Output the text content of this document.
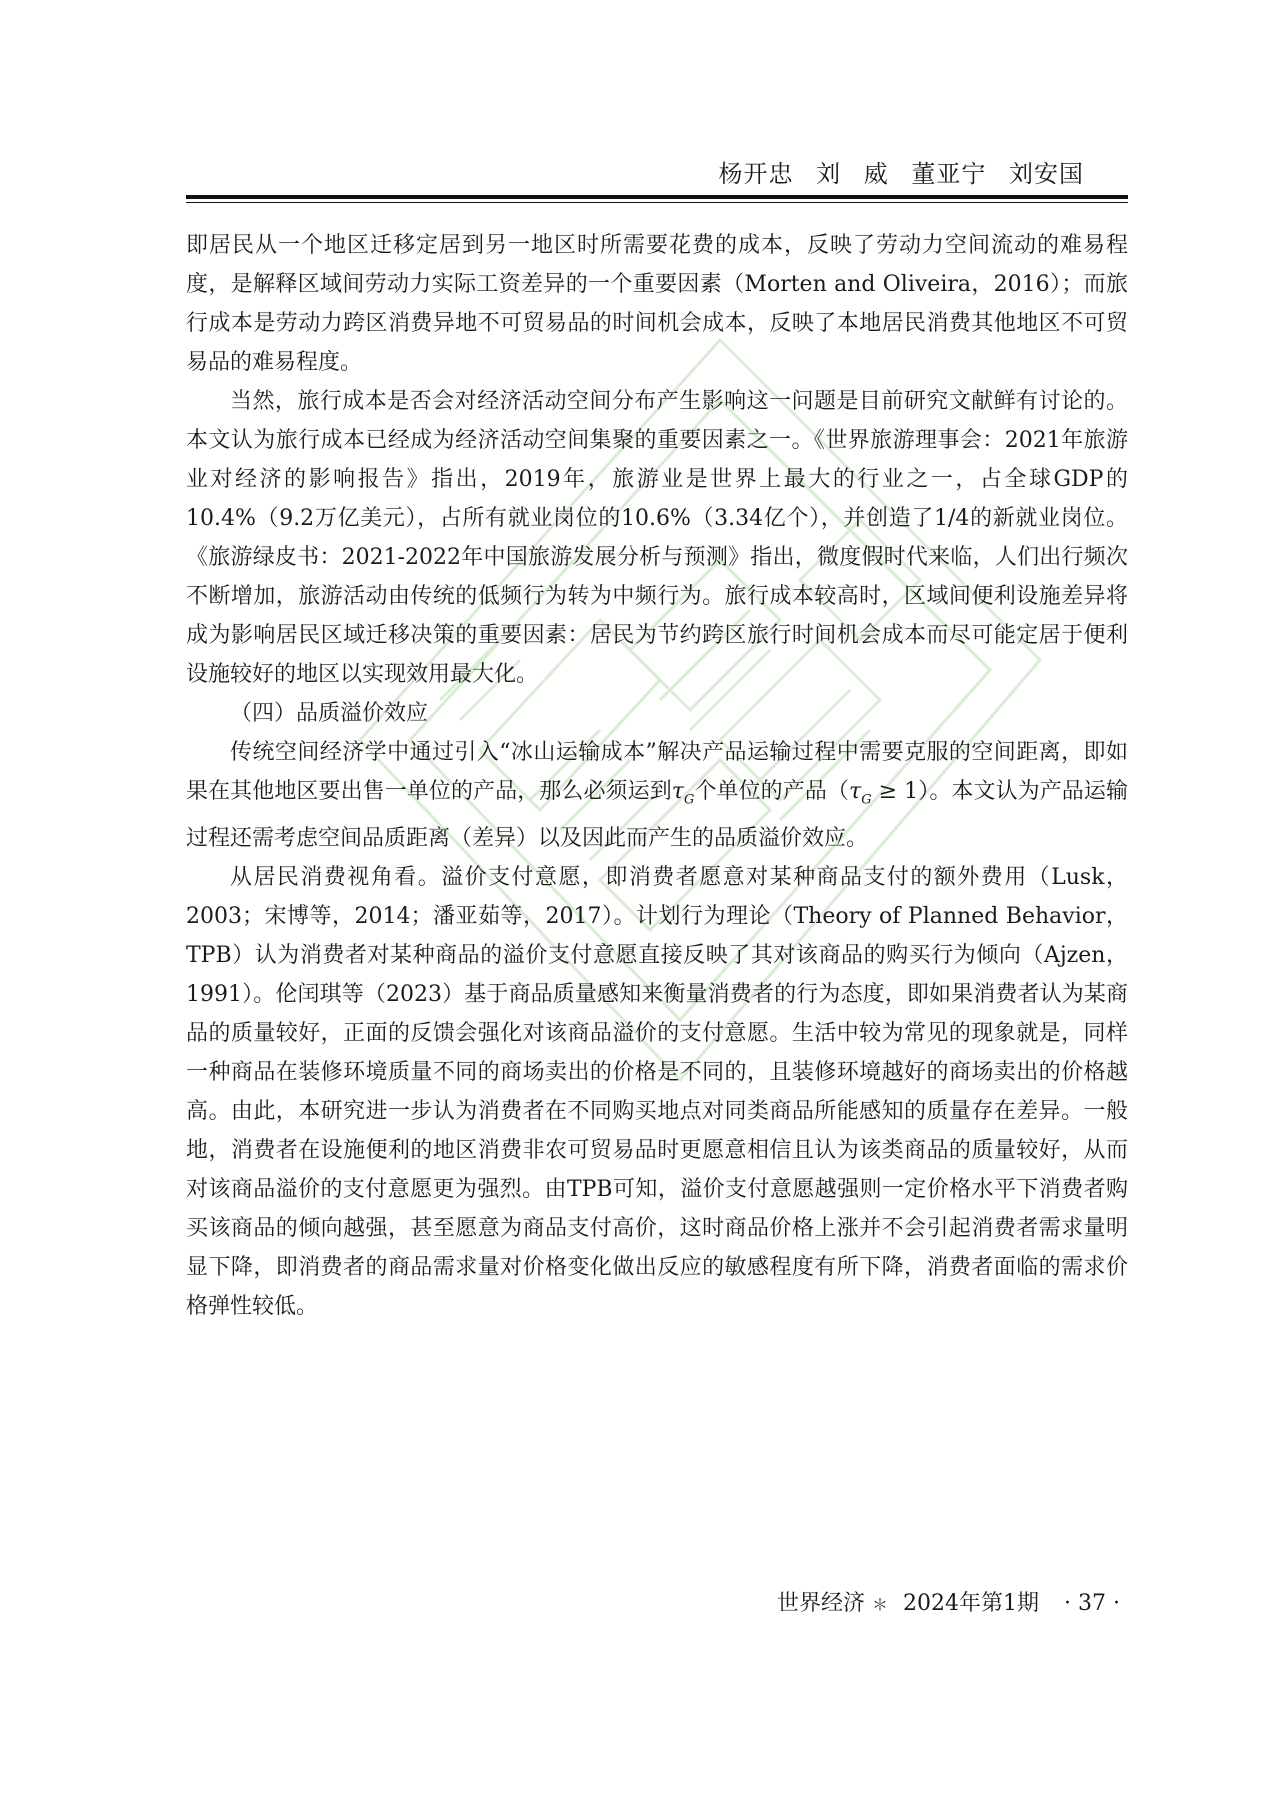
杨开忠 刘 威 董亚宁 刘安国

即居民从一个地区迁移定居到另一地区时所需要花费的成本，反映了劳动力空间流动的难易程度，是解释区域间劳动力实际工资差异的一个重要因素（Morten and Oliveira，2016）；而旅行成本是劳动力跨区消费异地不可贸易品的时间机会成本，反映了本地居民消费其他地区不可贸易品的难易程度。

当然，旅行成本是否会对经济活动空间分布产生影响这一问题是目前研究文献鲜有讨论的。本文认为旅行成本已经成为经济活动空间集聚的重要因素之一。《世界旅游理事会：2021年旅游业对经济的影响报告》指出，2019年，旅游业是世界上最大的行业之一，占全球GDP的10.4%（9.2万亿美元），占所有就业岗位的10.6%（3.34亿个），并创造了1/4的新就业岗位。《旅游绿皮书：2021-2022年中国旅游发展分析与预测》指出，微度假时代来临，人们出行频次不断增加，旅游活动由传统的低频行为转为中频行为。旅行成本较高时，区域间便利设施差异将成为影响居民区域迁移决策的重要因素：居民为节约跨区旅行时间机会成本而尽可能定居于便利设施较好的地区以实现效用最大化。

（四）品质溢价效应

传统空间经济学中通过引入“冰山运输成本”解决产品运输过程中需要克服的空间距离，即如果在其他地区要出售一单位的产品，那么必须运到$\tau_G$个单位的产品$(\tau_G \ge 1)$。本文认为产品运输过程还需考虑空间品质距离（差异）以及因此而产生的品质溢价效应。

从居民消费视角看。溢价支付意愿，即消费者愿意对某种商品支付的额外费用（Lusk，2003；宋博等，2014；潘亚茹等，2017）。计划行为理论（Theory of Planned Behavior，TPB）认为消费者对某种商品的溢价支付意愿直接反映了其对该商品的购买行为倾向（Ajzen，1991）。伦闰琪等（2023）基于商品质量感知来衡量消费者的行为态度，即如果消费者认为某商品的质量较好，正面的反馈会强化对该商品溢价的支付意愿。生活中较为常见的现象就是，同样一种商品在装修环境质量不同的商场卖出的价格是不同的，且装修环境越好的商场卖出的价格越高。由此，本研究进一步认为消费者在不同购买地点对同类商品所能感知的质量存在差异。一般地，消费者在设施便利的地区消费非农可贸易品时更愿意相信且认为该类商品的质量较好，从而对该商品溢价的支付意愿更为强烈。由TPB可知，溢价支付意愿越强则一定价格水平下消费者购买该商品的倾向越强，甚至愿意为商品支付高价，这时商品价格上涨并不会引起消费者需求量明显下降，即消费者的商品需求量对价格变化做出反应的敏感程度有所下降，消费者面临的需求价格弹性较低。

世界经济 ＊ 2024年第1期 · 37 ·
